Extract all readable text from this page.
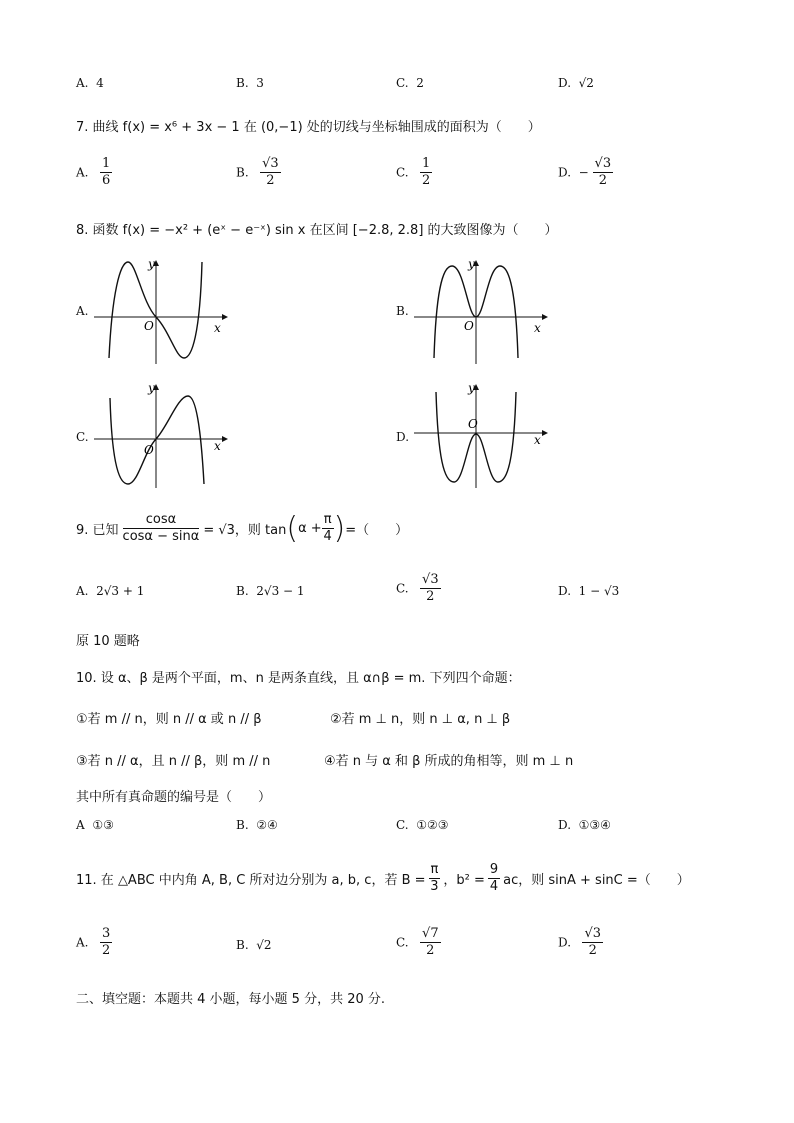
A. 4	B. 3	C. 2	D. √2
7. 曲线 f(x) = x⁶ + 3x − 1 在 (0,−1) 处的切线与坐标轴围成的面积为（　　）
A. $\frac{1}{6}$	B. $\frac{√3}{2}$	C. $\frac{1}{2}$	D. − $\frac{√3}{2}$
8. 函数 f(x) = −x² + (eˣ − e⁻ˣ) sin x 在区间 [−2.8, 2.8] 的大致图像为（　　）
A.	B.
C.	D.
y
x
O
y
x
O
y
x
O
y
x
O
9. 已知 $\frac{\cos\alpha}{\cos\alpha - \sin\alpha} = √3$，则 tan ( $\alpha + \frac{\pi}{4}$ ) =（　　）
A. 2√3 + 1	B. 2√3 − 1	C. $\frac{√3}{2}$	D. 1 − √3
原 10 题略
10. 设 α、β 是两个平面，m、n 是两条直线，且 α∩β = m. 下列四个命题：
①若 m // n，则 n // α 或 n // β	②若 m ⊥ n，则 n ⊥ α, n ⊥ β
③若 n // α，且 n // β，则 m // n	④若 n 与 α 和 β 所成的角相等，则 m ⊥ n
其中所有真命题的编号是（　　）
A ①③	B. ②④	C. ①②③	D. ①③④
11. 在 △ABC 中内角 A, B, C 所对边分别为 a, b, c，若 $B = \frac{\pi}{3}$ ，$b^2 = \frac{9}{4}$ ac，则 sinA + sinC =（　　）
A. $\frac{3}{2}$	B. √2	C. $\frac{√7}{2}$	D. $\frac{√3}{2}$
二、填空题：本题共 4 小题，每小题 5 分，共 20 分.
